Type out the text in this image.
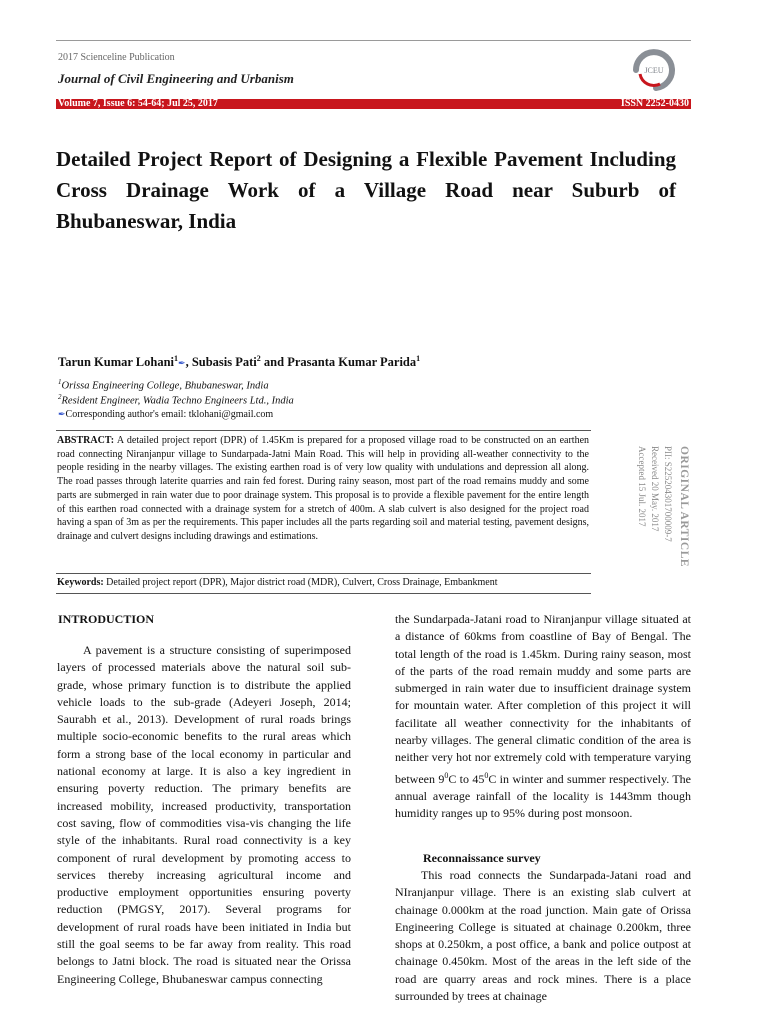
2017 Scienceline Publication
Journal of Civil Engineering and Urbanism
JCEU
Volume 7, Issue 6: 54-64; Jul 25, 2017	ISSN 2252-0430
Detailed Project Report of Designing a Flexible Pavement Including Cross Drainage Work of a Village Road near Suburb of Bhubaneswar, India
Tarun Kumar Lohani$^1$✒, Subasis Pati$^2$ and Prasanta Kumar Parida$^1$
$^1$Orissa Engineering College, Bhubaneswar, India
$^2$Resident Engineer, Wadia Techno Engineers Ltd., India
✒Corresponding author's email: tklohani@gmail.com

ABSTRACT: A detailed project report (DPR) of 1.45Km is prepared for a proposed village road to be constructed on an earthen road connecting Niranjanpur village to Sundarpada-Jatni Main Road. This will help in providing all-weather connectivity to the people residing in the nearby villages. The existing earthen road is of very low quality with undulations and depression all along. The road passes through laterite quarries and rain fed forest. During rainy season, most part of the road remains muddy and some parts are submerged in rain water due to poor drainage system. This proposal is to provide a flexible pavement for the entire length of this earthen road connected with a drainage system for a stretch of 400m. A slab culvert is also designed for the project road having a span of 3m as per the requirements. This paper includes all the parts regarding soil and material testing, pavement designs, drainage and culvert designs including drawings and estimations.

Keywords: Detailed project report (DPR), Major district road (MDR), Culvert, Cross Drainage, Embankment

ORIGINAL ARTICLE
PII: S225204301700009-7
Received 20 May. 2017
Accepted 15 Jul. 2017
INTRODUCTION

A pavement is a structure consisting of superimposed layers of processed materials above the natural soil sub-grade, whose primary function is to distribute the applied vehicle loads to the sub-grade (Adeyeri Joseph, 2014; Saurabh et al., 2013). Development of rural roads brings multiple socio-economic benefits to the rural areas which form a strong base of the local economy in particular and national economy at large. It is also a key ingredient in ensuring poverty reduction. The primary benefits are increased mobility, increased productivity, transportation cost saving, flow of commodities visa-vis changing the life style of the inhabitants. Rural road connectivity is a key component of rural development by promoting access to services thereby increasing agricultural income and productive employment opportunities ensuring poverty reduction (PMGSY, 2017). Several programs for development of rural roads have been initiated in India but still the goal seems to be far away from reality. This road belongs to Jatni block. The road is situated near the Orissa Engineering College, Bhubaneswar campus connecting

the Sundarpada-Jatani road to Niranjanpur village situated at a distance of 60kms from coastline of Bay of Bengal. The total length of the road is 1.45km. During rainy season, most of the parts of the road remain muddy and some parts are submerged in rain water due to insufficient drainage system for mountain water. After completion of this project it will facilitate all weather connectivity for the inhabitants of nearby villages. The general climatic condition of the area is neither very hot nor extremely cold with temperature varying between $9^0C$ to $45^0C$ in winter and summer respectively. The annual average rainfall of the locality is 1443mm though humidity ranges up to 95% during post monsoon.

Reconnaissance survey

This road connects the Sundarpada-Jatani road and NIranjanpur village. There is an existing slab culvert at chainage 0.000km at the road junction. Main gate of Orissa Engineering College is situated at chainage 0.200km, three shops at 0.250km, a post office, a bank and police outpost at chainage 0.450km. Most of the areas in the left side of the road are quarry areas and rock mines. There is a place surrounded by trees at chainage
